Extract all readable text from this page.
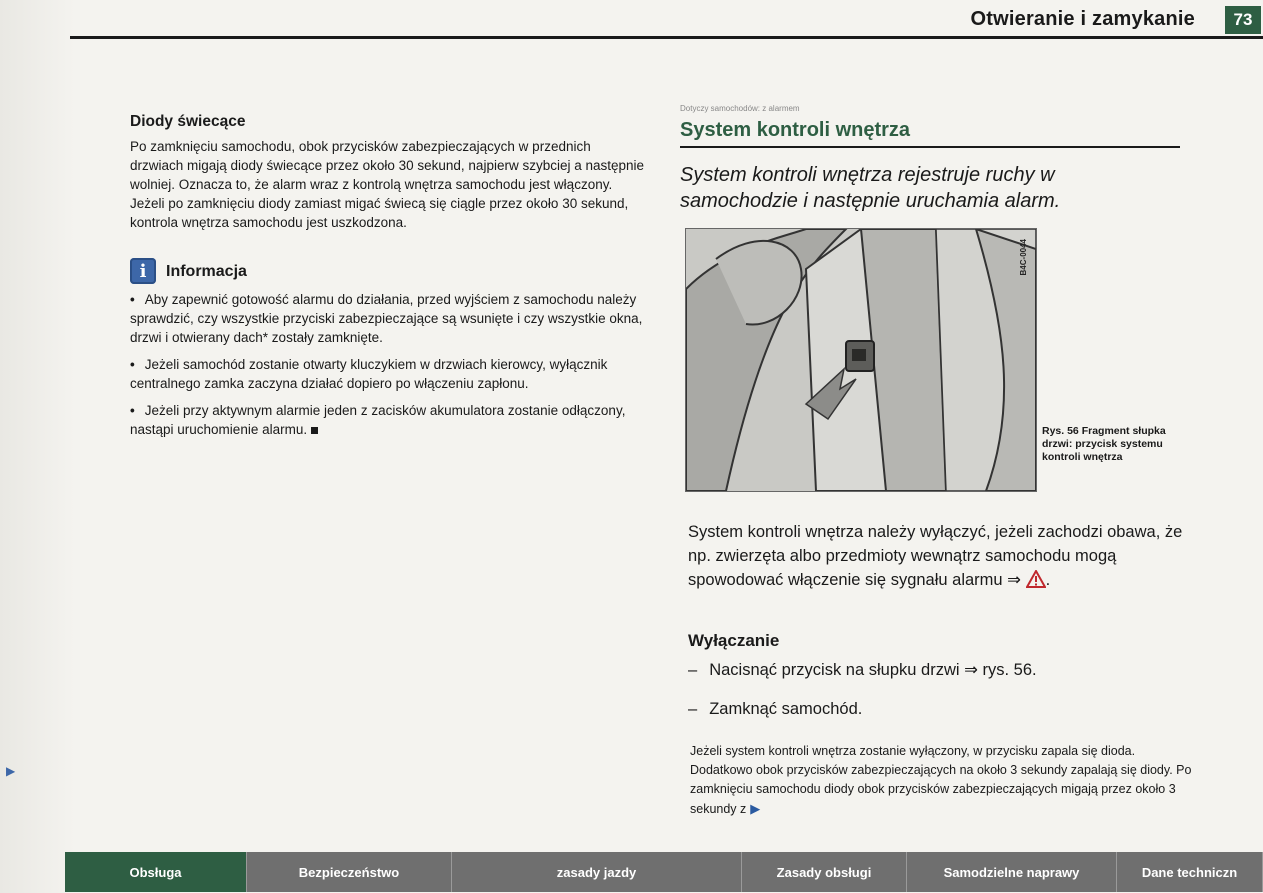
Otwieranie i zamykanie	73
▶

Diody świecące

Po zamknięciu samochodu, obok przycisków zabezpieczających w przednich drzwiach migają diody świecące przez około 30 sekund, najpierw szybciej a następnie wolniej. Oznacza to, że alarm wraz z kontrolą wnętrza samochodu jest włączony. Jeżeli po zamknięciu diody zamiast migać świecą się ciągle przez około 30 sekund, kontrola wnętrza samochodu jest uszkodzona.

i	Informacja

• Aby zapewnić gotowość alarmu do działania, przed wyjściem z samochodu należy sprawdzić, czy wszystkie przyciski zabezpieczające są wsunięte i czy wszystkie okna, drzwi i otwierany dach* zostały zamknięte.

• Jeżeli samochód zostanie otwarty kluczykiem w drzwiach kierowcy, wyłącznik centralnego zamka zaczyna działać dopiero po włączeniu zapłonu.

• Jeżeli przy aktywnym alarmie jeden z zacisków akumulatora zostanie odłączony, nastąpi uruchomienie alarmu.

Dotyczy samochodów: z alarmem
System kontroli wnętrza
System kontroli wnętrza rejestruje ruchy w samochodzie i następnie uruchamia alarm.
B4C-0044
Rys. 56 Fragment słupka drzwi: przycisk systemu kontroli wnętrza
System kontroli wnętrza należy wyłączyć, jeżeli zachodzi obawa, że np. zwierzęta albo przedmioty wewnątrz samochodu mogą spowodować włączenie się sygnału alarmu ⇒ .
Wyłączanie
– Nacisnąć przycisk na słupku drzwi ⇒ rys. 56.
– Zamknąć samochód.
Jeżeli system kontroli wnętrza zostanie wyłączony, w przycisku zapala się dioda. Dodatkowo obok przycisków zabezpieczających na około 3 sekundy zapalają się diody. Po zamknięciu samochodu diody obok przycisków zabezpieczających migają przez około 3 sekundy z ▶
Obsługa	Bezpieczeństwo	zasady jazdy	Zasady obsługi	Samodzielne naprawy	Dane techniczn
